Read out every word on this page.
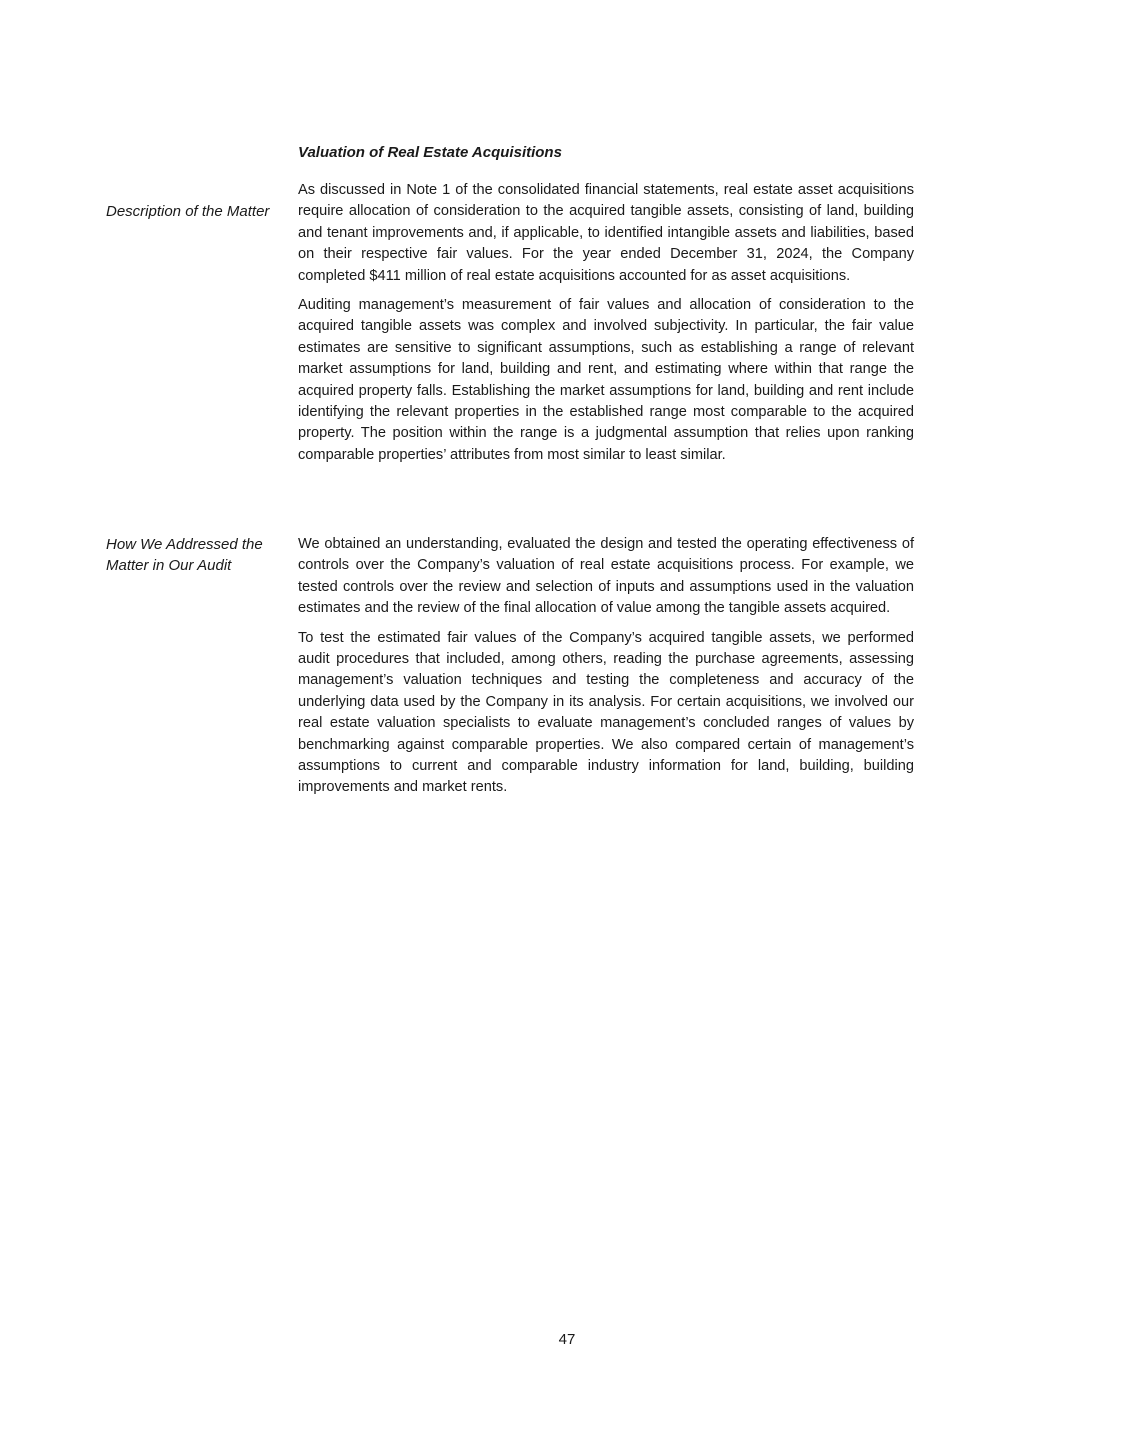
Valuation of Real Estate Acquisitions
Description of the Matter

As discussed in Note 1 of the consolidated financial statements, real estate asset acquisitions require allocation of consideration to the acquired tangible assets, consisting of land, building and tenant improvements and, if applicable, to identified intangible assets and liabilities, based on their respective fair values. For the year ended December 31, 2024, the Company completed $411 million of real estate acquisitions accounted for as asset acquisitions.

Auditing management’s measurement of fair values and allocation of consideration to the acquired tangible assets was complex and involved subjectivity. In particular, the fair value estimates are sensitive to significant assumptions, such as establishing a range of relevant market assumptions for land, building and rent, and estimating where within that range the acquired property falls. Establishing the market assumptions for land, building and rent include identifying the relevant properties in the established range most comparable to the acquired property. The position within the range is a judgmental assumption that relies upon ranking comparable properties’ attributes from most similar to least similar.

How We Addressed the Matter in Our Audit

We obtained an understanding, evaluated the design and tested the operating effectiveness of controls over the Company’s valuation of real estate acquisitions process. For example, we tested controls over the review and selection of inputs and assumptions used in the valuation estimates and the review of the final allocation of value among the tangible assets acquired.

To test the estimated fair values of the Company’s acquired tangible assets, we performed audit procedures that included, among others, reading the purchase agreements, assessing management’s valuation techniques and testing the completeness and accuracy of the underlying data used by the Company in its analysis. For certain acquisitions, we involved our real estate valuation specialists to evaluate management’s concluded ranges of values by benchmarking against comparable properties. We also compared certain of management’s assumptions to current and comparable industry information for land, building, building improvements and market rents.

47
